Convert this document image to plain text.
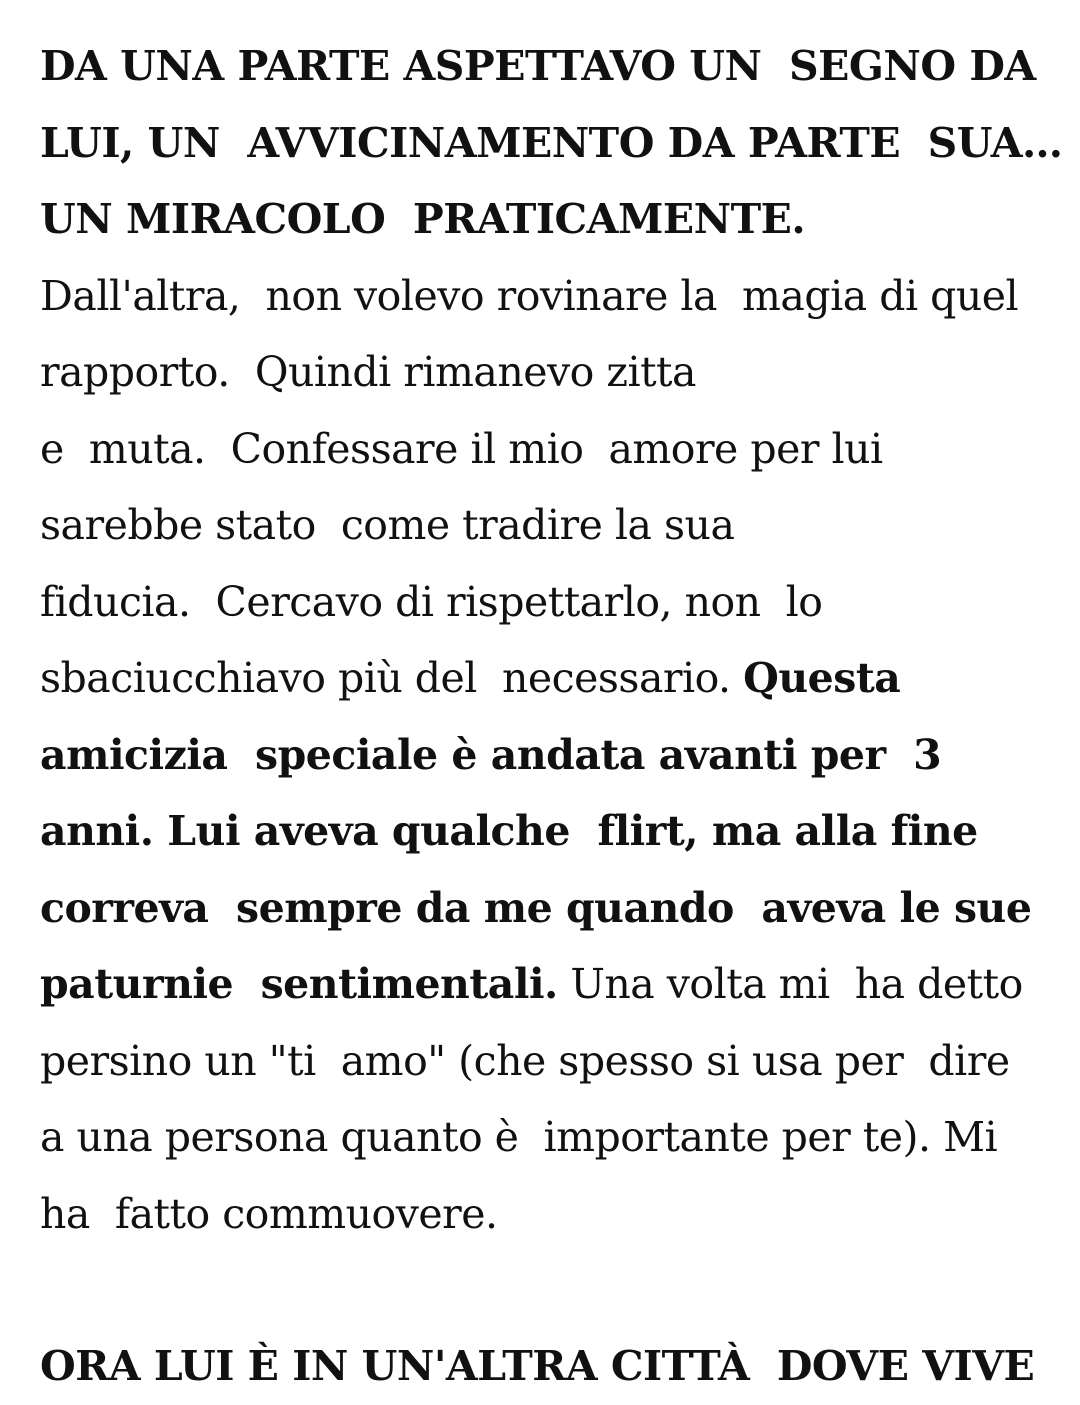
DA UNA PARTE ASPETTAVO UN  SEGNO DA
LUI, UN  AVVICINAMENTO DA PARTE  SUA…
UN MIRACOLO  PRATICAMENTE.
Dall'altra,  non volevo rovinare la  magia di quel
rapporto.  Quindi rimanevo zitta
e  muta.  Confessare il mio  amore per lui
sarebbe stato  come tradire la sua
fiducia.  Cercavo di rispettarlo, non  lo
sbaciucchiavo più del  necessario. Questa
amicizia  speciale è andata avanti per  3
anni. Lui aveva qualche  flirt, ma alla fine
correva  sempre da me quando  aveva le sue
paturnie  sentimentali. Una volta mi  ha detto
persino un "ti  amo" (che spesso si usa per  dire
a una persona quanto è  importante per te). Mi
ha  fatto commuovere.
ORA LUI È IN UN'ALTRA CITTÀ  DOVE VIVE
